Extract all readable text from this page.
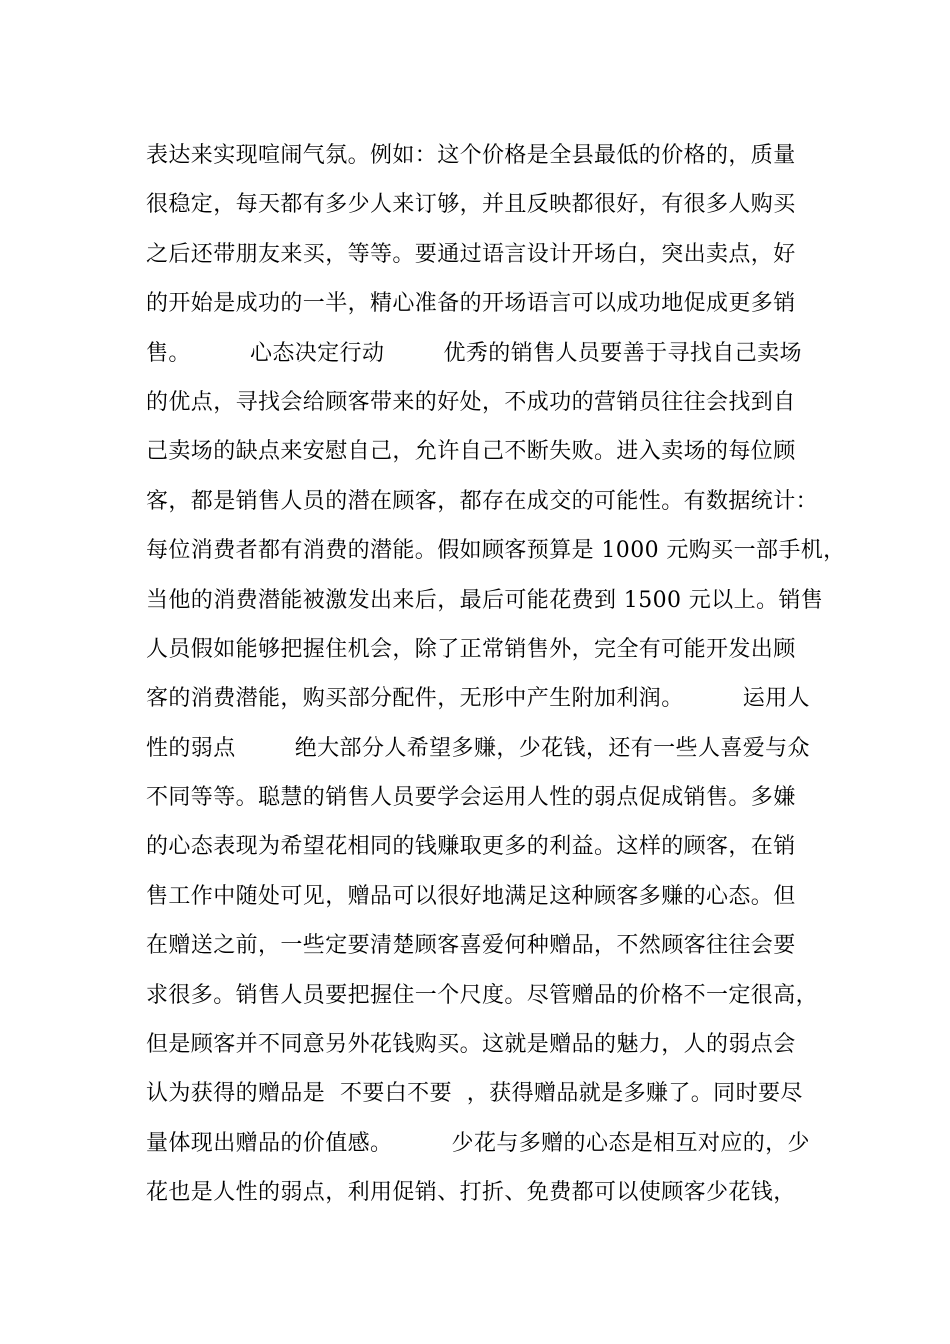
表达来实现喧闹气氛。例如：这个价格是全县最低的价格的，质量
很稳定，每天都有多少人来订够，并且反映都很好，有很多人购买
之后还带朋友来买，等等。要通过语言设计开场白，突出卖点，好
的开始是成功的一半，精心准备的开场语言可以成功地促成更多销
售。        心态决定行动        优秀的销售人员要善于寻找自己卖场
的优点，寻找会给顾客带来的好处，不成功的营销员往往会找到自
己卖场的缺点来安慰自己，允许自己不断失败。进入卖场的每位顾
客，都是销售人员的潜在顾客，都存在成交的可能性。有数据统计：
每位消费者都有消费的潜能。假如顾客预算是 1000 元购买一部手机，
当他的消费潜能被激发出来后，最后可能花费到 1500 元以上。销售
人员假如能够把握住机会，除了正常销售外，完全有可能开发出顾
客的消费潜能，购买部分配件，无形中产生附加利润。        运用人
性的弱点        绝大部分人希望多赚，少花钱，还有一些人喜爱与众
不同等等。聪慧的销售人员要学会运用人性的弱点促成销售。多嫌
的心态表现为希望花相同的钱赚取更多的利益。这样的顾客，在销
售工作中随处可见，赠品可以很好地满足这种顾客多赚的心态。但
在赠送之前，一些定要清楚顾客喜爱何种赠品，不然顾客往往会要
求很多。销售人员要把握住一个尺度。尽管赠品的价格不一定很高，
但是顾客并不同意另外花钱购买。这就是赠品的魅力，人的弱点会
认为获得的赠品是  不要白不要  ，获得赠品就是多赚了。同时要尽
量体现出赠品的价值感。        少花与多赠的心态是相互对应的，少
花也是人性的弱点，利用促销、打折、免费都可以使顾客少花钱，
